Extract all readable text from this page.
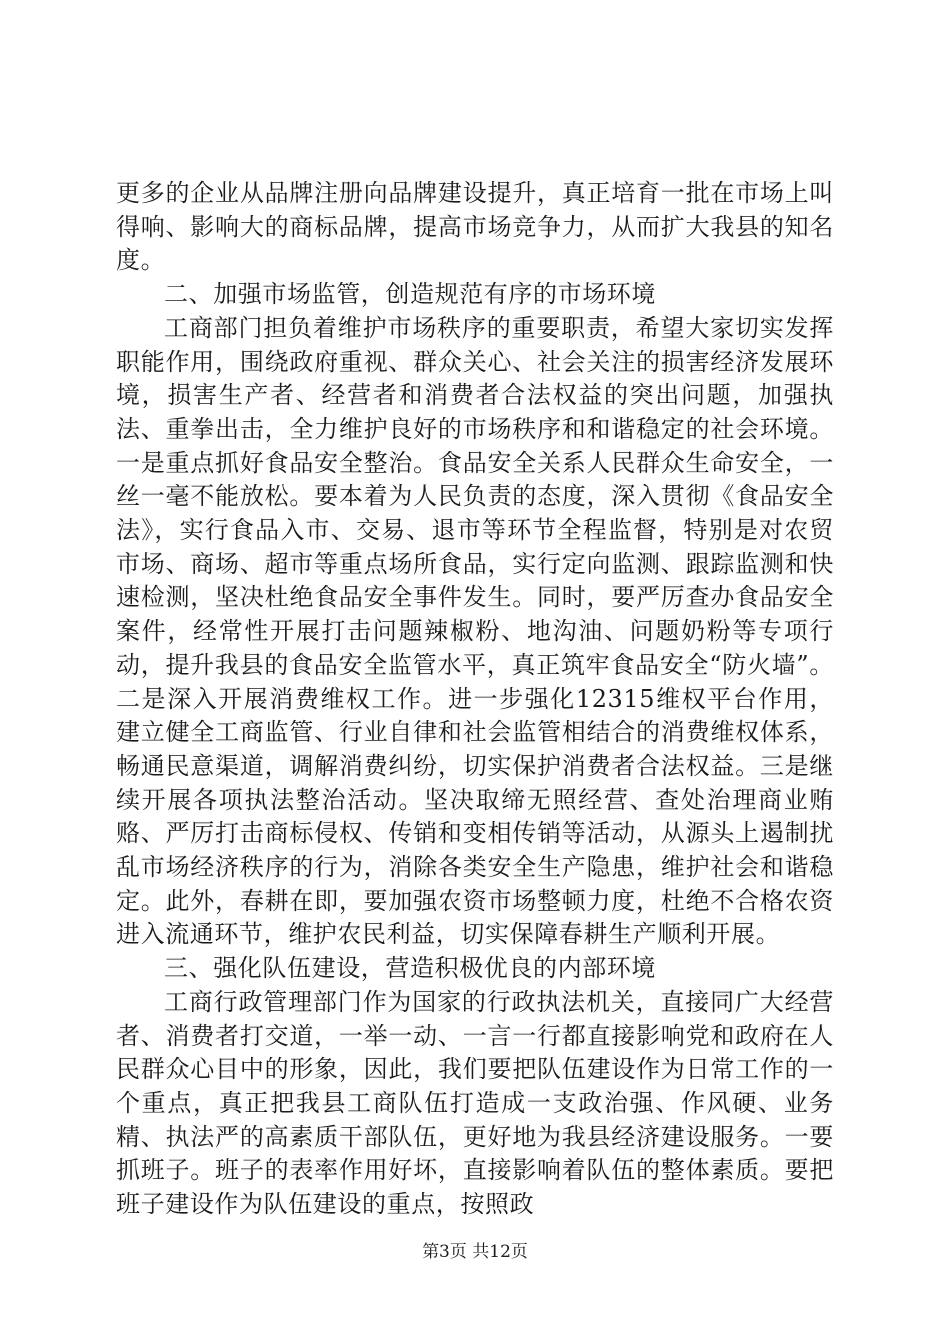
更多的企业从品牌注册向品牌建设提升，真正培育一批在市场上叫得响、影响大的商标品牌，提高市场竞争力，从而扩大我县的知名度。

二、加强市场监管，创造规范有序的市场环境

工商部门担负着维护市场秩序的重要职责，希望大家切实发挥职能作用，围绕政府重视、群众关心、社会关注的损害经济发展环境，损害生产者、经营者和消费者合法权益的突出问题，加强执法、重拳出击，全力维护良好的市场秩序和和谐稳定的社会环境。一是重点抓好食品安全整治。食品安全关系人民群众生命安全，一丝一毫不能放松。要本着为人民负责的态度，深入贯彻《食品安全法》，实行食品入市、交易、退市等环节全程监督，特别是对农贸市场、商场、超市等重点场所食品，实行定向监测、跟踪监测和快速检测，坚决杜绝食品安全事件发生。同时，要严厉查办食品安全案件，经常性开展打击问题辣椒粉、地沟油、问题奶粉等专项行动，提升我县的食品安全监管水平，真正筑牢食品安全“防火墙”。二是深入开展消费维权工作。进一步强化12315维权平台作用，建立健全工商监管、行业自律和社会监管相结合的消费维权体系，畅通民意渠道，调解消费纠纷，切实保护消费者合法权益。三是继续开展各项执法整治活动。坚决取缔无照经营、查处治理商业贿赂、严厉打击商标侵权、传销和变相传销等活动，从源头上遏制扰乱市场经济秩序的行为，消除各类安全生产隐患，维护社会和谐稳定。此外，春耕在即，要加强农资市场整顿力度，杜绝不合格农资进入流通环节，维护农民利益，切实保障春耕生产顺利开展。

三、强化队伍建设，营造积极优良的内部环境

工商行政管理部门作为国家的行政执法机关，直接同广大经营者、消费者打交道，一举一动、一言一行都直接影响党和政府在人民群众心目中的形象，因此，我们要把队伍建设作为日常工作的一个重点，真正把我县工商队伍打造成一支政治强、作风硬、业务精、执法严的高素质干部队伍，更好地为我县经济建设服务。一要抓班子。班子的表率作用好坏，直接影响着队伍的整体素质。要把班子建设作为队伍建设的重点，按照政

第3页 共12页
